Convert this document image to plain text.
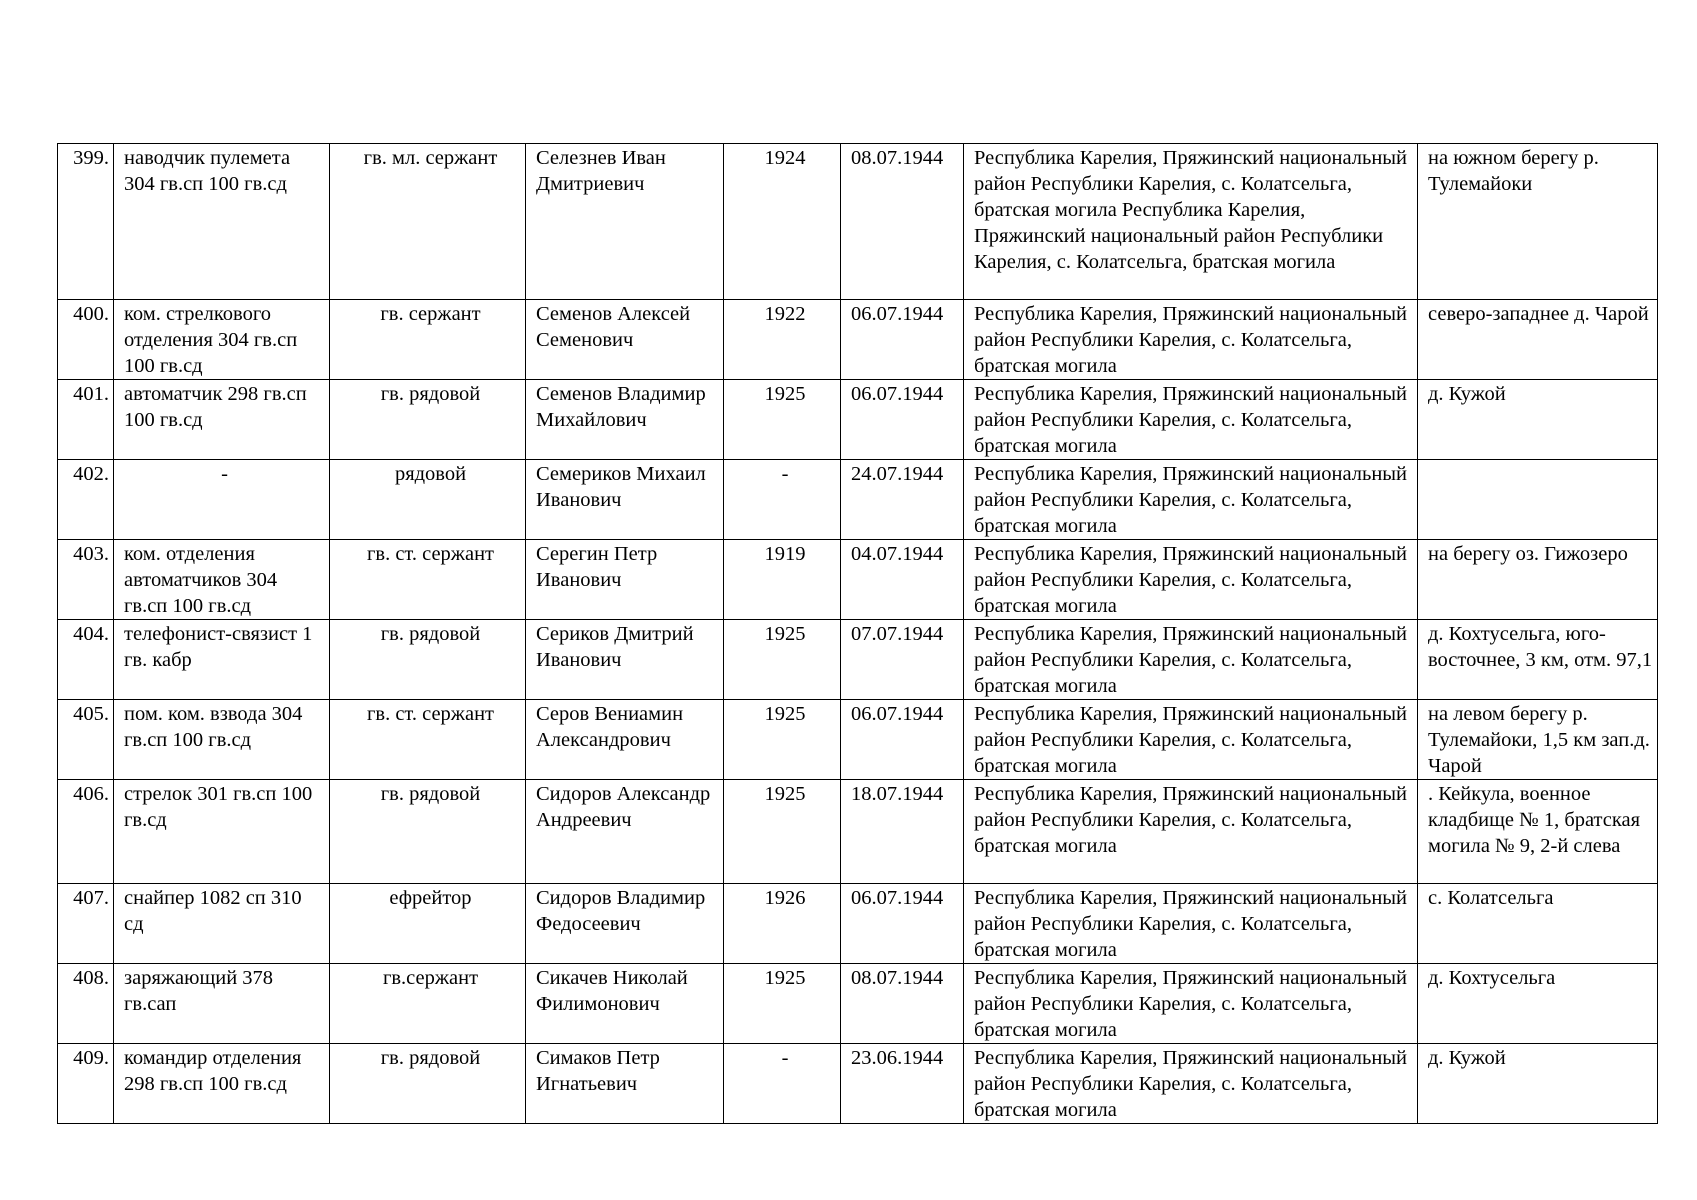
399.	наводчик пулемета 304 гв.сп 100 гв.сд	гв. мл. сержант	Селезнев Иван Дмитриевич	1924	08.07.1944	Республика Карелия, Пряжинский национальный район Республики Карелия, с. Колатсельга, братская могила Республика Карелия, Пряжинский национальный район Республики Карелия, с. Колатсельга, братская могила	на южном берегу р. Тулемайоки
400.	ком. стрелкового отделения 304 гв.сп 100 гв.сд	гв. сержант	Семенов Алексей Семенович	1922	06.07.1944	Республика Карелия, Пряжинский национальный район Республики Карелия, с. Колатсельга, братская могила	северо-западнее д. Чарой
401.	автоматчик 298 гв.сп 100 гв.сд	гв. рядовой	Семенов Владимир Михайлович	1925	06.07.1944	Республика Карелия, Пряжинский национальный район Республики Карелия, с. Колатсельга, братская могила	д. Кужой
402.	-	рядовой	Семериков Михаил Иванович	-	24.07.1944	Республика Карелия, Пряжинский национальный район Республики Карелия, с. Колатсельга, братская могила	
403.	ком. отделения автоматчиков 304 гв.сп 100 гв.сд	гв. ст. сержант	Серегин Петр Иванович	1919	04.07.1944	Республика Карелия, Пряжинский национальный район Республики Карелия, с. Колатсельга, братская могила	на берегу оз. Гижозеро
404.	телефонист-связист 1 гв. кабр	гв. рядовой	Сериков Дмитрий Иванович	1925	07.07.1944	Республика Карелия, Пряжинский национальный район Республики Карелия, с. Колатсельга, братская могила	д. Кохтусельга, юго-восточнее, 3 км, отм. 97,1
405.	пом. ком. взвода 304 гв.сп 100 гв.сд	гв. ст. сержант	Серов Вениамин Александрович	1925	06.07.1944	Республика Карелия, Пряжинский национальный район Республики Карелия, с. Колатсельга, братская могила	на левом берегу р. Тулемайоки, 1,5 км зап.д. Чарой
406.	стрелок 301 гв.сп 100 гв.сд	гв. рядовой	Сидоров Александр Андреевич	1925	18.07.1944	Республика Карелия, Пряжинский национальный район Республики Карелия, с. Колатсельга, братская могила	. Кейкула, военное кладбище № 1, братская могила № 9, 2-й слева
407.	снайпер 1082 сп 310 сд	ефрейтор	Сидоров Владимир Федосеевич	1926	06.07.1944	Республика Карелия, Пряжинский национальный район Республики Карелия, с. Колатсельга, братская могила	с. Колатсельга
408.	заряжающий 378 гв.сап	гв.сержант	Сикачев Николай Филимонович	1925	08.07.1944	Республика Карелия, Пряжинский национальный район Республики Карелия, с. Колатсельга, братская могила	д. Кохтусельга
409.	командир отделения 298 гв.сп 100 гв.сд	гв. рядовой	Симаков Петр Игнатьевич	-	23.06.1944	Республика Карелия, Пряжинский национальный район Республики Карелия, с. Колатсельга, братская могила	д. Кужой
